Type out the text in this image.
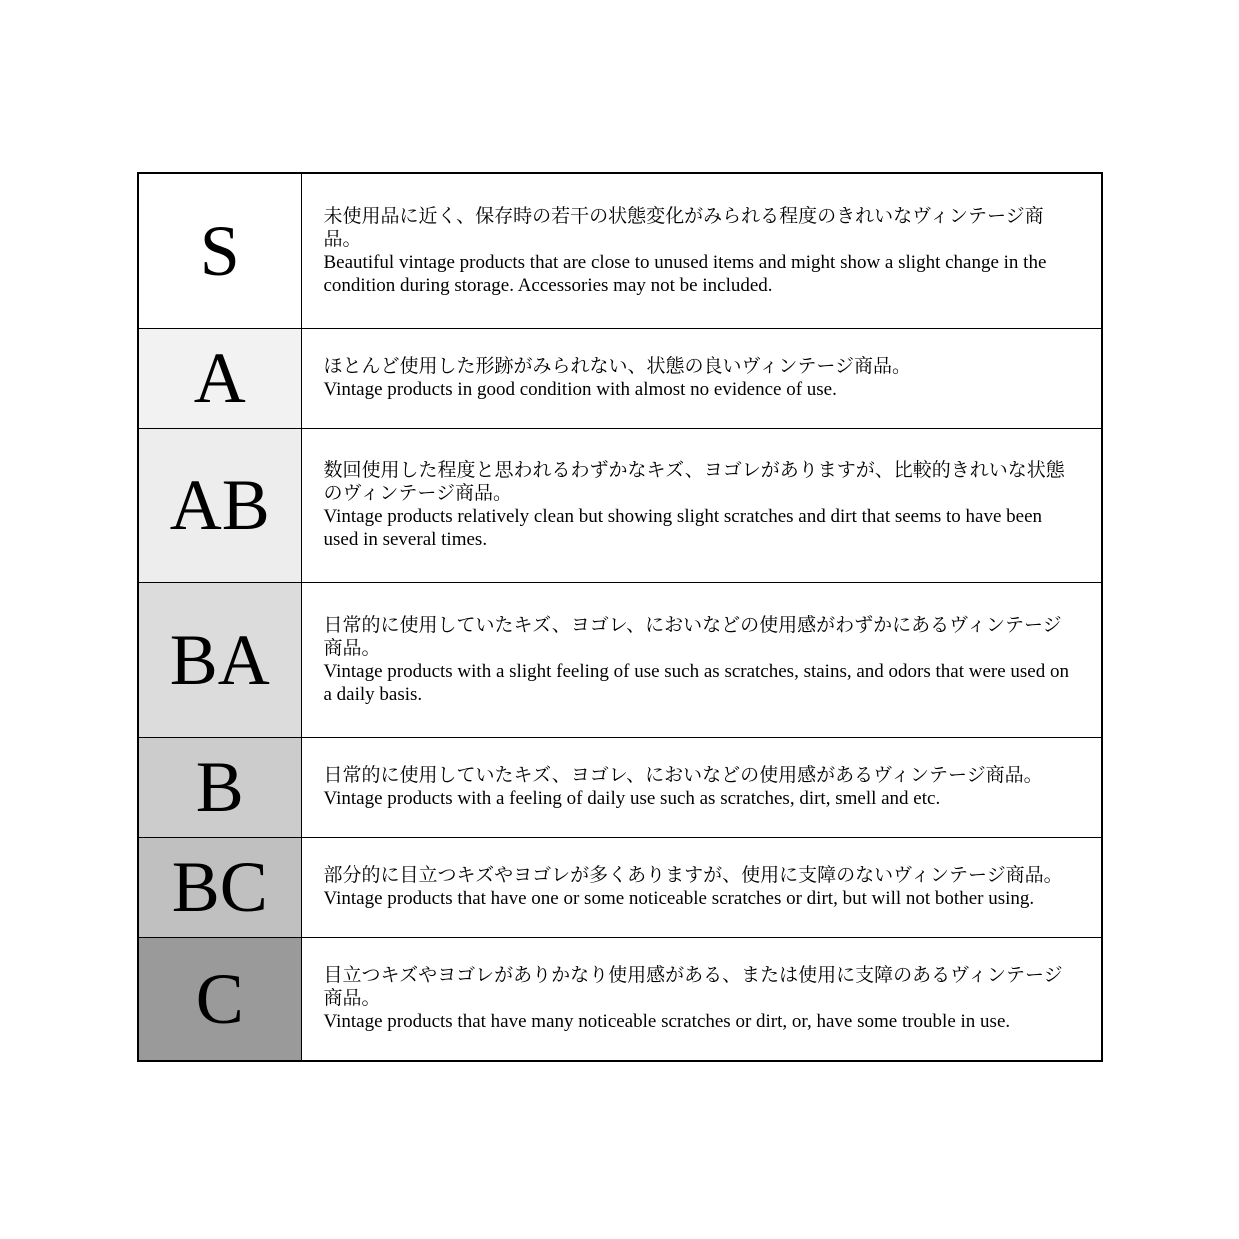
S	未使用品に近く、保存時の若干の状態変化がみられる程度のきれいなヴィンテージ商品。
Beautiful vintage products that are close to unused items and might show a slight change in the condition during storage. Accessories may not be included.

A	ほとんど使用した形跡がみられない、状態の良いヴィンテージ商品。
Vintage products in good condition with almost no evidence of use.

AB	数回使用した程度と思われるわずかなキズ、ヨゴレがありますが、比較的きれいな状態のヴィンテージ商品。
Vintage products relatively clean but showing slight scratches and dirt that seems to have been used in several times.

BA	日常的に使用していたキズ、ヨゴレ、においなどの使用感がわずかにあるヴィンテージ商品。
Vintage products with a slight feeling of use such as scratches, stains, and odors that were used on a daily basis.

B	日常的に使用していたキズ、ヨゴレ、においなどの使用感があるヴィンテージ商品。
Vintage products with a feeling of daily use such as scratches, dirt, smell and etc.

BC	部分的に目立つキズやヨゴレが多くありますが、使用に支障のないヴィンテージ商品。
Vintage products that have one or some noticeable scratches or dirt, but will not bother using.

C	目立つキズやヨゴレがありかなり使用感がある、または使用に支障のあるヴィンテージ商品。
Vintage products that have many noticeable scratches or dirt, or, have some trouble in use.
